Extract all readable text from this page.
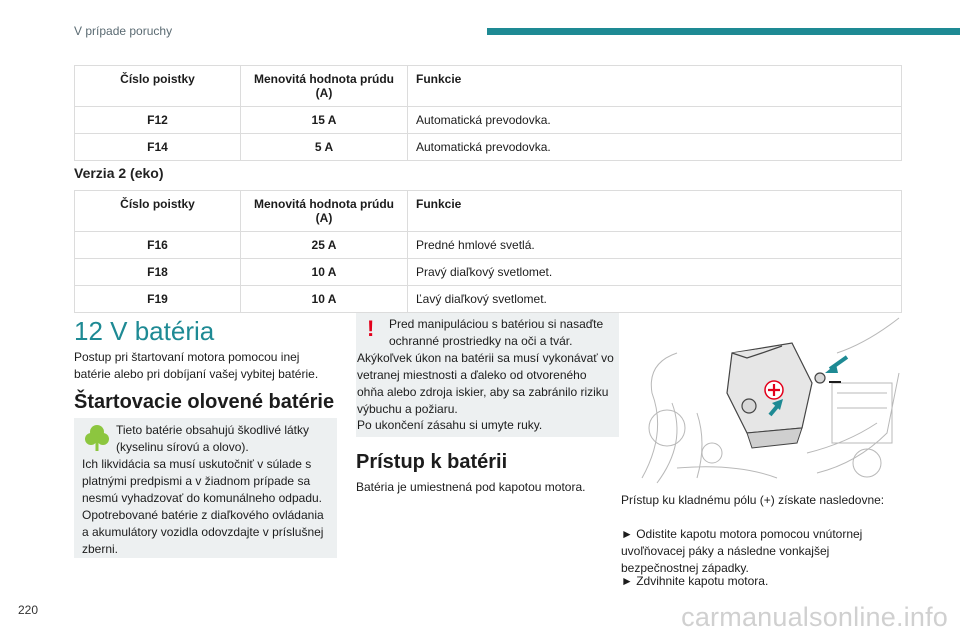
V prípade poruchy
Číslo poistky	Menovitá hodnota prúdu (A)	Funkcie
F12	15 A	Automatická prevodovka.
F14	5 A	Automatická prevodovka.
Verzia 2 (eko)
Číslo poistky	Menovitá hodnota prúdu (A)	Funkcie
F16	25 A	Predné hmlové svetlá.
F18	10 A	Pravý diaľkový svetlomet.
F19	10 A	Ľavý diaľkový svetlomet.
12 V batéria
Postup pri štartovaní motora pomocou inej batérie alebo pri dobíjaní vašej vybitej batérie.
Štartovacie olovené batérie
Tieto batérie obsahujú škodlivé látky (kyselinu sírovú a olovo).
Ich likvidácia sa musí uskutočniť v súlade s platnými predpismi a v žiadnom prípade sa nesmú vyhadzovať do komunálneho odpadu. Opotrebované batérie z diaľkového ovládania a akumulátory vozidla odovzdajte v príslušnej zberni.
! Pred manipuláciou s batériou si nasaďte ochranné prostriedky na oči a tvár.
Akýkoľvek úkon na batérii sa musí vykonávať vo vetranej miestnosti a ďaleko od otvoreného ohňa alebo zdroja iskier, aby sa zabránilo riziku výbuchu a požiaru.
Po ukončení zásahu si umyte ruky.
Prístup k batérii
Batéria je umiestnená pod kapotou motora.
Prístup ku kladnému pólu (+) získate nasledovne:
► Odistite kapotu motora pomocou vnútornej uvoľňovacej páky a následne vonkajšej bezpečnostnej západky.
► Zdvihnite kapotu motora.
220	carmanualsonline.info
